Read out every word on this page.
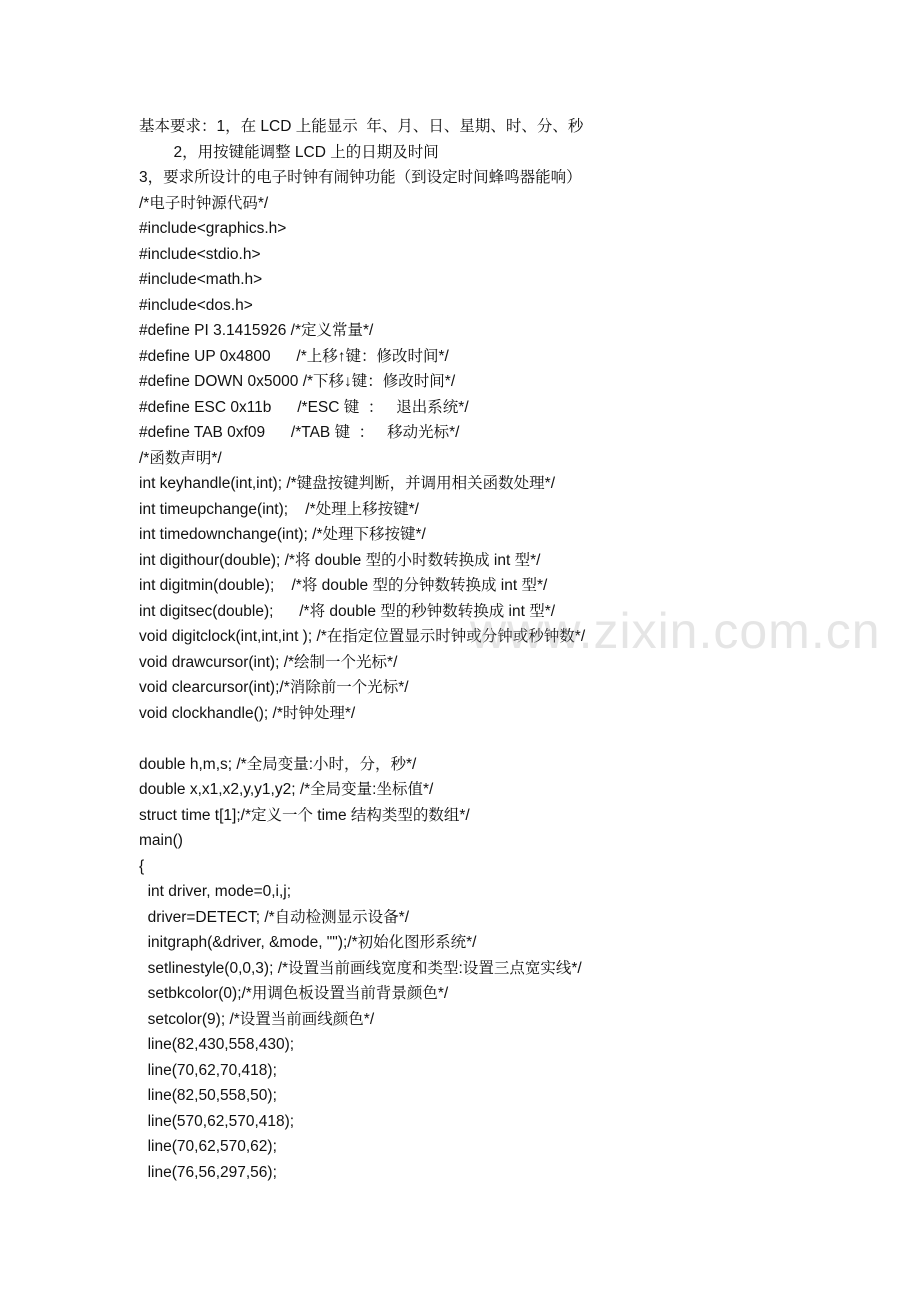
基本要求：1，在 LCD 上能显示  年、月、日、星期、时、分、秒
2，用按键能调整 LCD 上的日期及时间
3，要求所设计的电子时钟有闹钟功能（到设定时间蜂鸣器能响）
/*电子时钟源代码*/
#include<graphics.h>
#include<stdio.h>
#include<math.h>
#include<dos.h>
#define PI 3.1415926 /*定义常量*/
#define UP 0x4800      /*上移↑键：修改时间*/
#define DOWN 0x5000 /*下移↓键：修改时间*/
#define ESC 0x11b      /*ESC 键  ：   退出系统*/
#define TAB 0xf09      /*TAB 键  ：   移动光标*/
/*函数声明*/
int keyhandle(int,int); /*键盘按键判断，并调用相关函数处理*/
int timeupchange(int);    /*处理上移按键*/
int timedownchange(int); /*处理下移按键*/
int digithour(double); /*将 double 型的小时数转换成 int 型*/
int digitmin(double);    /*将 double 型的分钟数转换成 int 型*/
int digitsec(double);      /*将 double 型的秒钟数转换成 int 型*/
void digitclock(int,int,int ); /*在指定位置显示时钟或分钟或秒钟数*/
void drawcursor(int); /*绘制一个光标*/
void clearcursor(int);/*消除前一个光标*/
void clockhandle(); /*时钟处理*/
double h,m,s; /*全局变量:小时，分，秒*/
double x,x1,x2,y,y1,y2; /*全局变量:坐标值*/
struct time t[1];/*定义一个 time 结构类型的数组*/
main()
{
int driver, mode=0,i,j;
driver=DETECT; /*自动检测显示设备*/
initgraph(&driver, &mode, "");/*初始化图形系统*/
setlinestyle(0,0,3); /*设置当前画线宽度和类型:设置三点宽实线*/
setbkcolor(0);/*用调色板设置当前背景颜色*/
setcolor(9); /*设置当前画线颜色*/
line(82,430,558,430);
line(70,62,70,418);
line(82,50,558,50);
line(570,62,570,418);
line(70,62,570,62);
line(76,56,297,56);
www.zixin.com.cn
